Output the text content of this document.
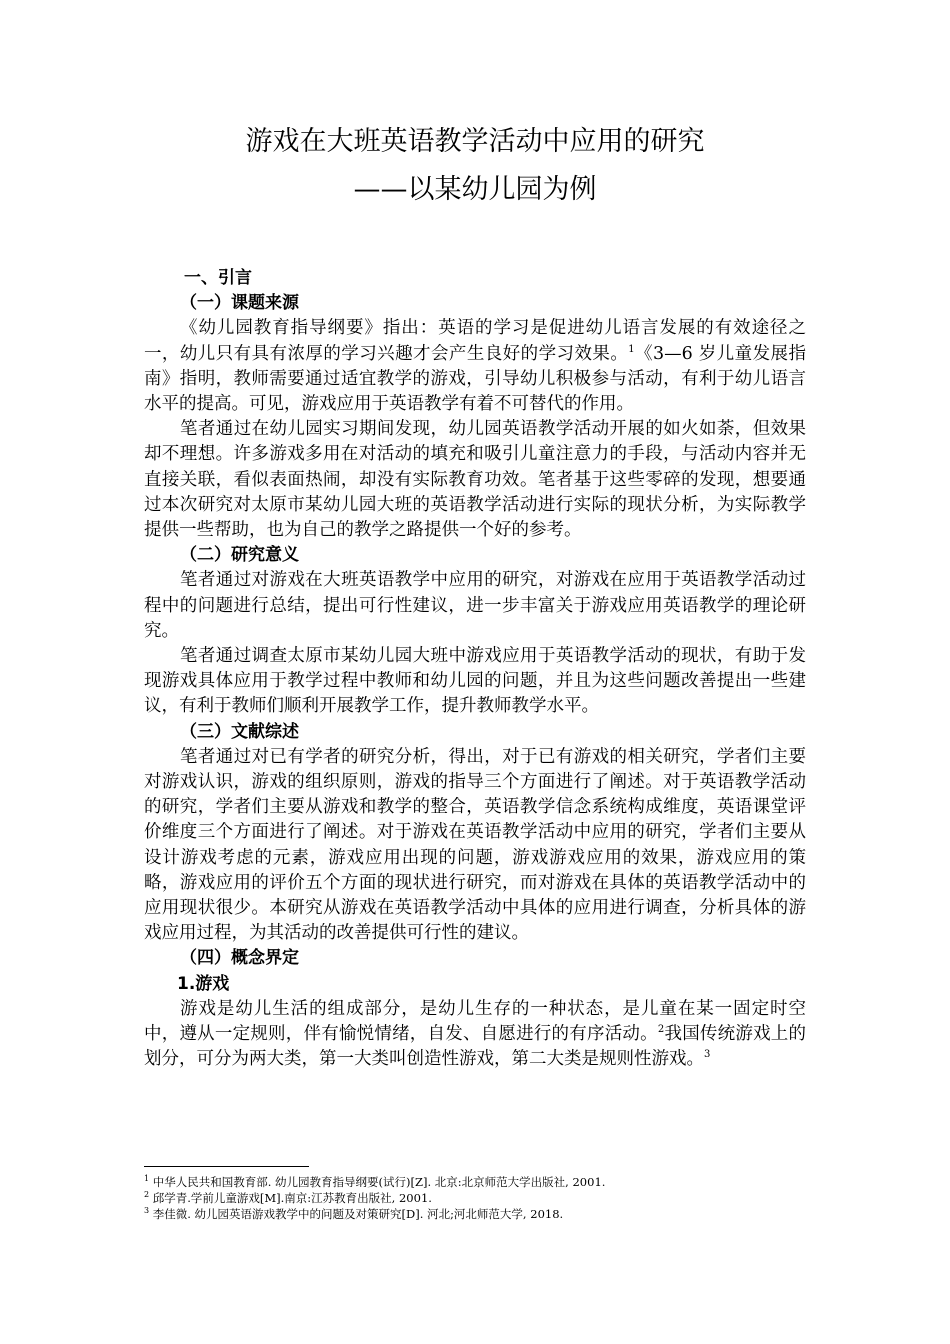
游戏在大班英语教学活动中应用的研究
——以某幼儿园为例
一、引言
（一）课题来源

《幼儿园教育指导纲要》指出：英语的学习是促进幼儿语言发展的有效途径之一，幼儿只有具有浓厚的学习兴趣才会产生良好的学习效果。$^1$《3—6 岁儿童发展指南》指明，教师需要通过适宜教学的游戏，引导幼儿积极参与活动，有利于幼儿语言水平的提高。可见，游戏应用于英语教学有着不可替代的作用。

笔者通过在幼儿园实习期间发现，幼儿园英语教学活动开展的如火如荼，但效果却不理想。许多游戏多用在对活动的填充和吸引儿童注意力的手段，与活动内容并无直接关联，看似表面热闹，却没有实际教育功效。笔者基于这些零碎的发现，想要通过本次研究对太原市某幼儿园大班的英语教学活动进行实际的现状分析，为实际教学提供一些帮助，也为自己的教学之路提供一个好的参考。

（二）研究意义

笔者通过对游戏在大班英语教学中应用的研究，对游戏在应用于英语教学活动过程中的问题进行总结，提出可行性建议，进一步丰富关于游戏应用英语教学的理论研究。

笔者通过调查太原市某幼儿园大班中游戏应用于英语教学活动的现状，有助于发现游戏具体应用于教学过程中教师和幼儿园的问题，并且为这些问题改善提出一些建议，有利于教师们顺利开展教学工作，提升教师教学水平。

（三）文献综述

笔者通过对已有学者的研究分析，得出，对于已有游戏的相关研究，学者们主要对游戏认识，游戏的组织原则，游戏的指导三个方面进行了阐述。对于英语教学活动的研究，学者们主要从游戏和教学的整合，英语教学信念系统构成维度，英语课堂评价维度三个方面进行了阐述。对于游戏在英语教学活动中应用的研究，学者们主要从设计游戏考虑的元素，游戏应用出现的问题，游戏游戏应用的效果，游戏应用的策略，游戏应用的评价五个方面的现状进行研究，而对游戏在具体的英语教学活动中的应用现状很少。本研究从游戏在英语教学活动中具体的应用进行调查，分析具体的游戏应用过程，为其活动的改善提供可行性的建议。

（四）概念界定
1.游戏

游戏是幼儿生活的组成部分，是幼儿生存的一种状态，是儿童在某一固定时空中，遵从一定规则，伴有愉悦情绪，自发、自愿进行的有序活动。$^2$我国传统游戏上的划分，可分为两大类，第一大类叫创造性游戏，第二大类是规则性游戏。$^3$

$^1$ 中华人民共和国教育部. 幼儿园教育指导纲要(试行)[Z]. 北京:北京师范大学出版社, 2001.

$^2$ 邱学青.学前儿童游戏[M].南京:江苏教育出版社, 2001.

$^3$ 李佳微. 幼儿园英语游戏教学中的问题及对策研究[D]. 河北;河北师范大学, 2018.
